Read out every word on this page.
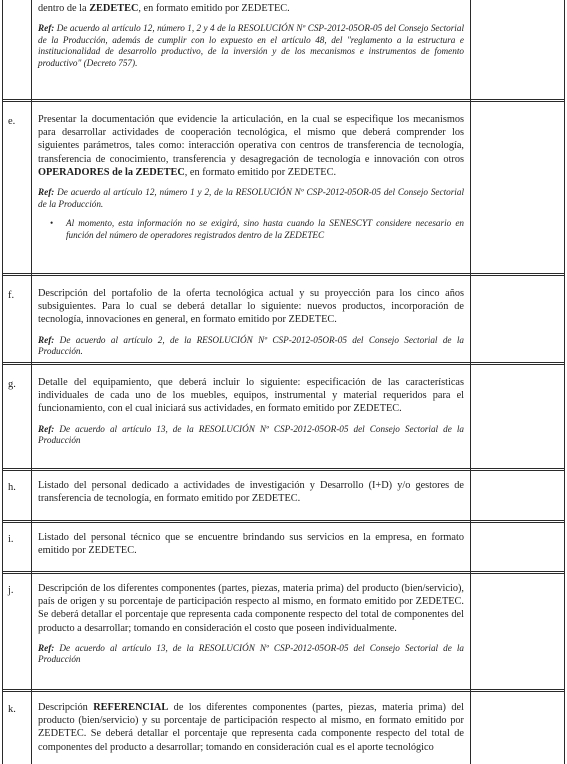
dentro de la ZEDETEC, en formato emitido por ZEDETEC.

Ref: De acuerdo al artículo 12, número 1, 2 y 4 de la RESOLUCIÓN Nº CSP-2012-05OR-05 del Consejo Sectorial de la Producción, además de cumplir con lo expuesto en el artículo 48, del "reglamento a la estructura e institucionalidad de desarrollo productivo, de la inversión y de los mecanismos e instrumentos de fomento productivo" (Decreto 757).

e. Presentar la documentación que evidencie la articulación, en la cual se especifique los mecanismos para desarrollar actividades de cooperación tecnológica, el mismo que deberá comprender los siguientes parámetros, tales como: interacción operativa con centros de transferencia de tecnología, transferencia de conocimiento, transferencia y desagregación de tecnología e innovación con otros OPERADORES de la ZEDETEC, en formato emitido por ZEDETEC.

Ref: De acuerdo al artículo 12, número 1 y 2, de la RESOLUCIÓN Nº CSP-2012-05OR-05 del Consejo Sectorial de la Producción.

• Al momento, esta información no se exigirá, sino hasta cuando la SENESCYT considere necesario en función del número de operadores registrados dentro de la ZEDETEC

f. Descripción del portafolio de la oferta tecnológica actual y su proyección para los cinco años subsiguientes. Para lo cual se deberá detallar lo siguiente: nuevos productos, incorporación de tecnología, innovaciones en general, en formato emitido por ZEDETEC.

Ref: De acuerdo al artículo 2, de la RESOLUCIÓN Nº CSP-2012-05OR-05 del Consejo Sectorial de la Producción.

g. Detalle del equipamiento, que deberá incluir lo siguiente: especificación de las características individuales de cada uno de los muebles, equipos, instrumental y material requeridos para el funcionamiento, con el cual iniciará sus actividades, en formato emitido por ZEDETEC.

Ref: De acuerdo al artículo 13, de la RESOLUCIÓN Nº CSP-2012-05OR-05 del Consejo Sectorial de la Producción

h. Listado del personal dedicado a actividades de investigación y Desarrollo (I+D) y/o gestores de transferencia de tecnología, en formato emitido por ZEDETEC.

i. Listado del personal técnico que se encuentre brindando sus servicios en la empresa, en formato emitido por ZEDETEC.

j. Descripción de los diferentes componentes (partes, piezas, materia prima) del producto (bien/servicio), país de origen y su porcentaje de participación respecto al mismo, en formato emitido por ZEDETEC. Se deberá detallar el porcentaje que representa cada componente respecto del total de componentes del producto a desarrollar; tomando en consideración el costo que poseen individualmente.

Ref: De acuerdo al artículo 13, de la RESOLUCIÓN Nº CSP-2012-05OR-05 del Consejo Sectorial de la Producción

k. Descripción REFERENCIAL de los diferentes componentes (partes, piezas, materia prima) del producto (bien/servicio) y su porcentaje de participación respecto al mismo, en formato emitido por ZEDETEC. Se deberá detallar el porcentaje que representa cada componente respecto del total de componentes del producto a desarrollar; tomando en consideración cual es el aporte tecnológico
